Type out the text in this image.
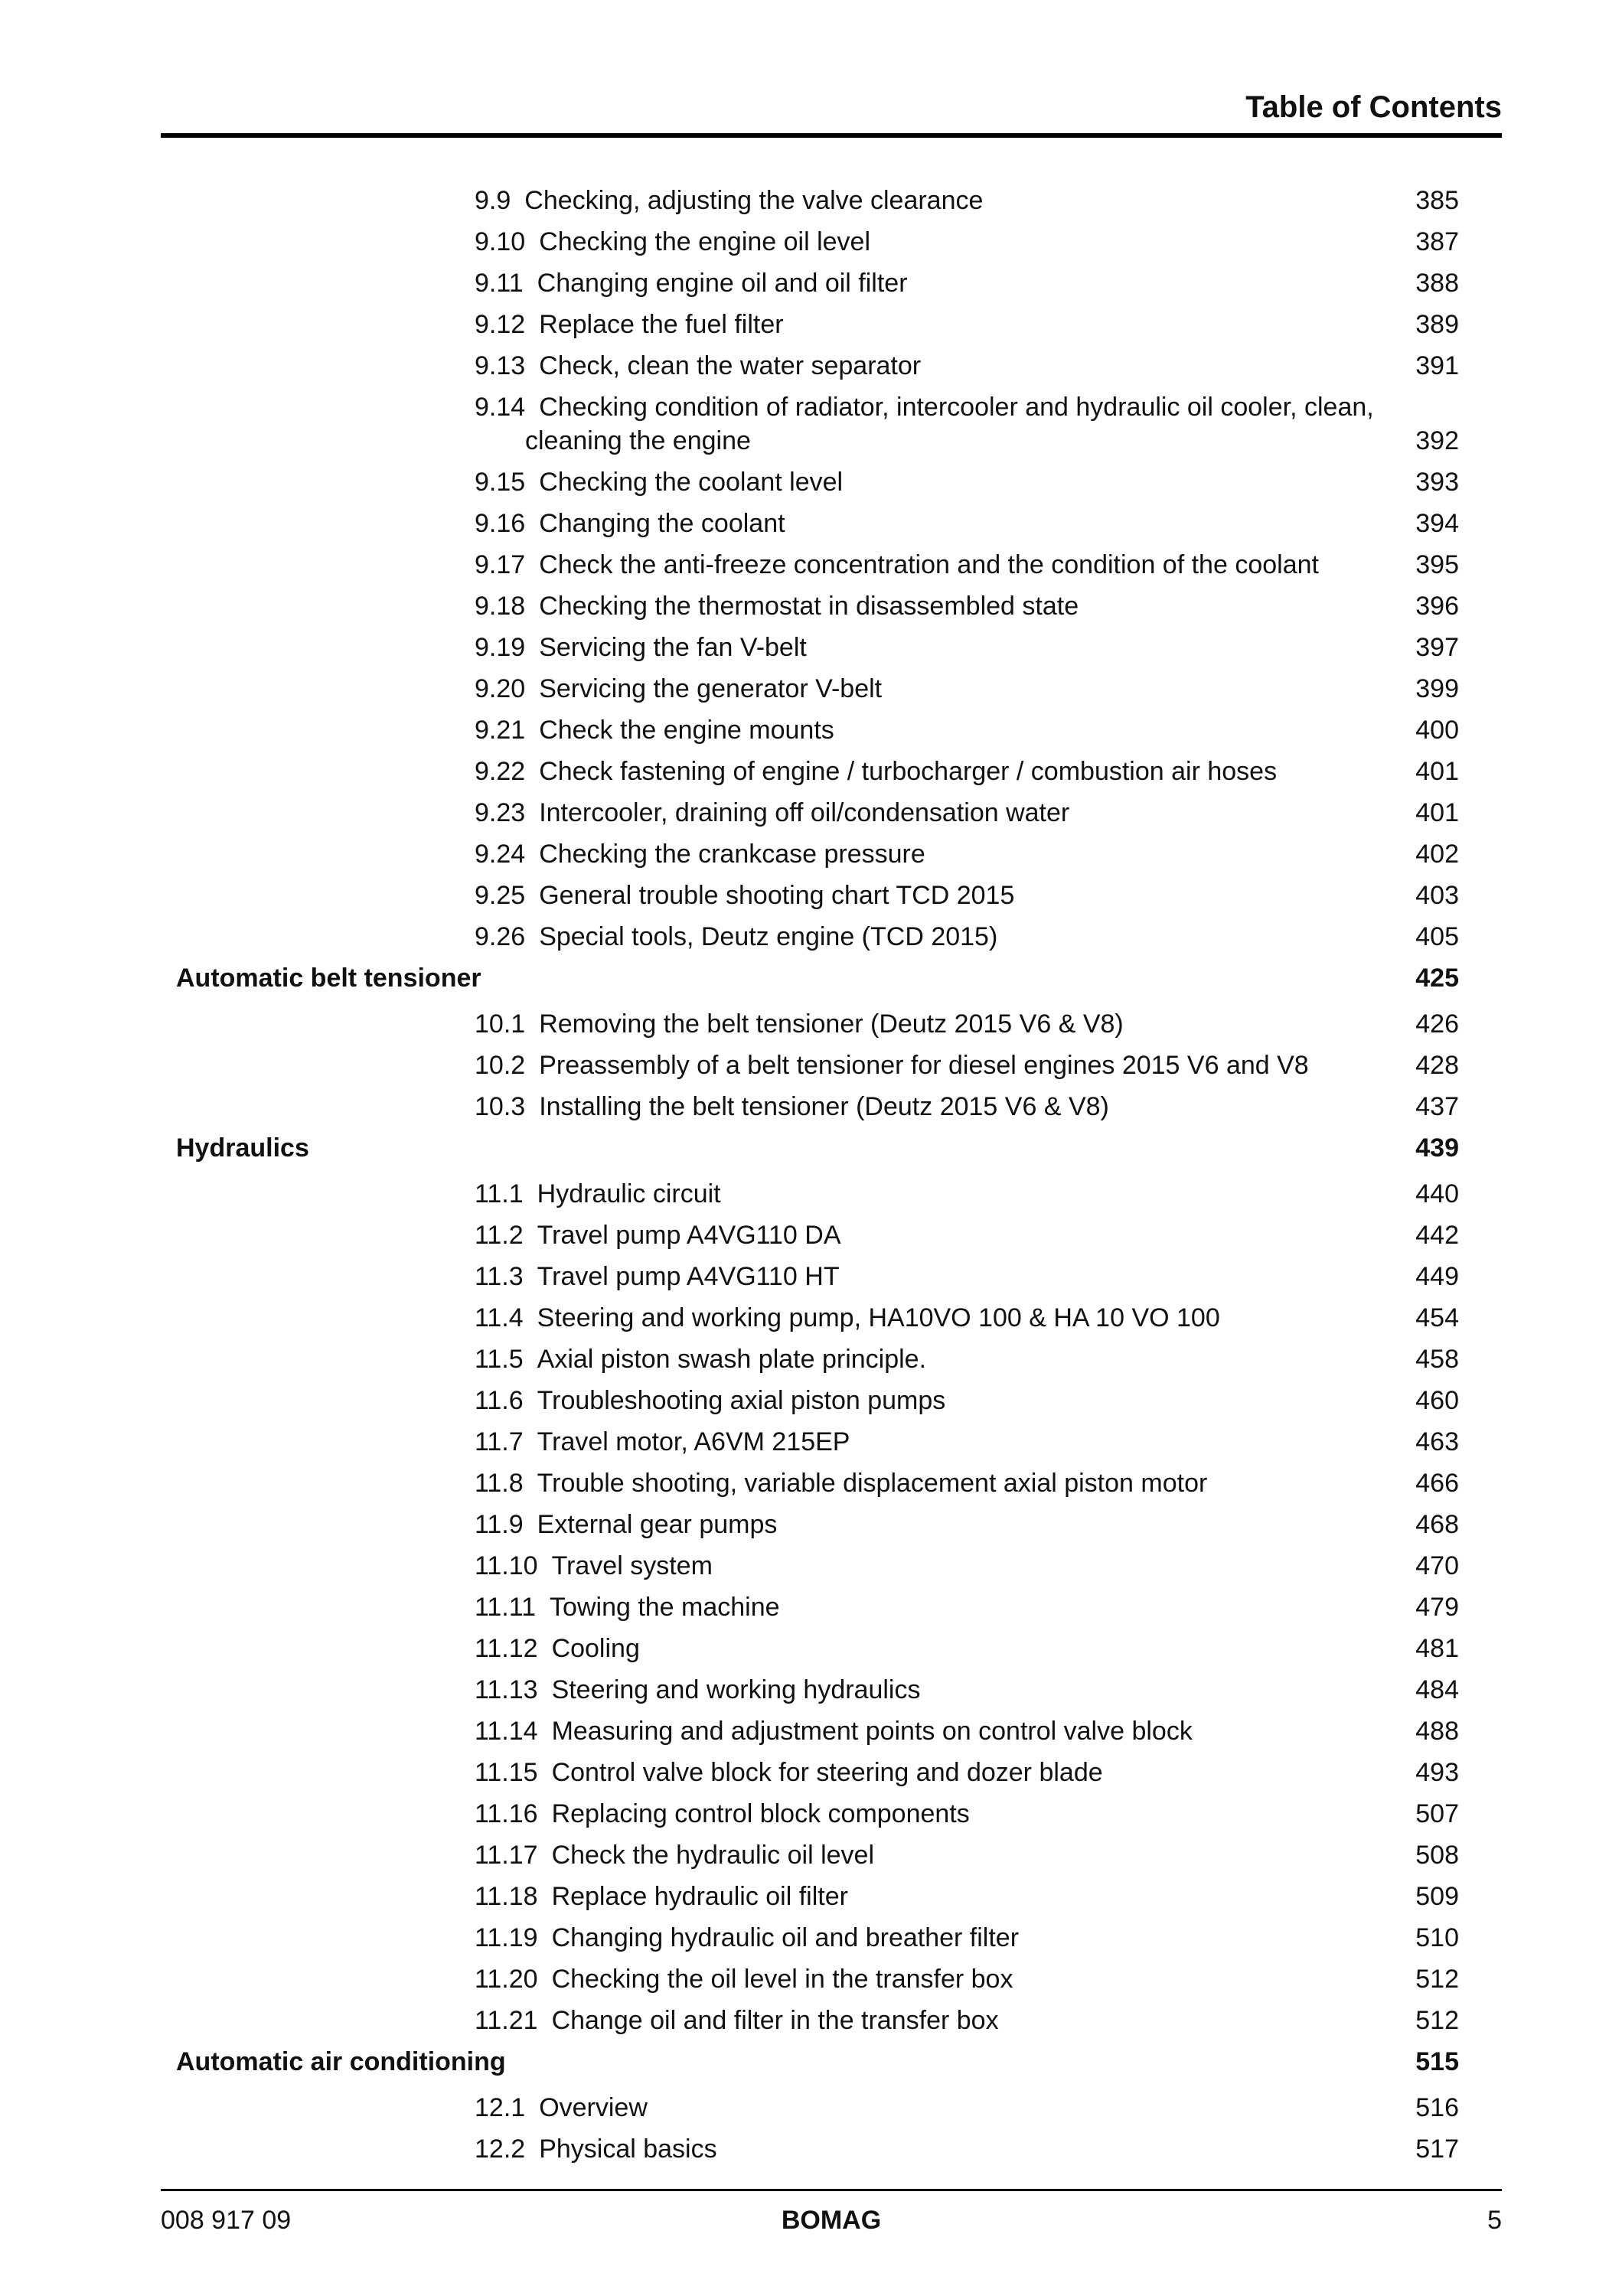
Table of Contents
9.9 Checking, adjusting the valve clearance	385
9.10 Checking the engine oil level	387
9.11 Changing engine oil and oil filter	388
9.12 Replace the fuel filter	389
9.13 Check, clean the water separator	391
9.14 Checking condition of radiator, intercooler and hydraulic oil cooler, clean,
cleaning the engine	392
9.15 Checking the coolant level	393
9.16 Changing the coolant	394
9.17 Check the anti-freeze concentration and the condition of the coolant	395
9.18 Checking the thermostat in disassembled state	396
9.19 Servicing the fan V-belt	397
9.20 Servicing the generator V-belt	399
9.21 Check the engine mounts	400
9.22 Check fastening of engine / turbocharger / combustion air hoses	401
9.23 Intercooler, draining off oil/condensation water	401
9.24 Checking the crankcase pressure	402
9.25 General trouble shooting chart TCD 2015	403
9.26 Special tools, Deutz engine (TCD 2015)	405
Automatic belt tensioner	425
10.1 Removing the belt tensioner (Deutz 2015 V6 & V8)	426
10.2 Preassembly of a belt tensioner for diesel engines 2015 V6 and V8	428
10.3 Installing the belt tensioner (Deutz 2015 V6 & V8)	437
Hydraulics	439
11.1 Hydraulic circuit	440
11.2 Travel pump A4VG110 DA	442
11.3 Travel pump A4VG110 HT	449
11.4 Steering and working pump, HA10VO 100 & HA 10 VO 100	454
11.5 Axial piston swash plate principle.	458
11.6 Troubleshooting axial piston pumps	460
11.7 Travel motor, A6VM 215EP	463
11.8 Trouble shooting, variable displacement axial piston motor	466
11.9 External gear pumps	468
11.10 Travel system	470
11.11 Towing the machine	479
11.12 Cooling	481
11.13 Steering and working hydraulics	484
11.14 Measuring and adjustment points on control valve block	488
11.15 Control valve block for steering and dozer blade	493
11.16 Replacing control block components	507
11.17 Check the hydraulic oil level	508
11.18 Replace hydraulic oil filter	509
11.19 Changing hydraulic oil and breather filter	510
11.20 Checking the oil level in the transfer box	512
11.21 Change oil and filter in the transfer box	512
Automatic air conditioning	515
12.1 Overview	516
12.2 Physical basics	517
008 917 09	BOMAG	5
